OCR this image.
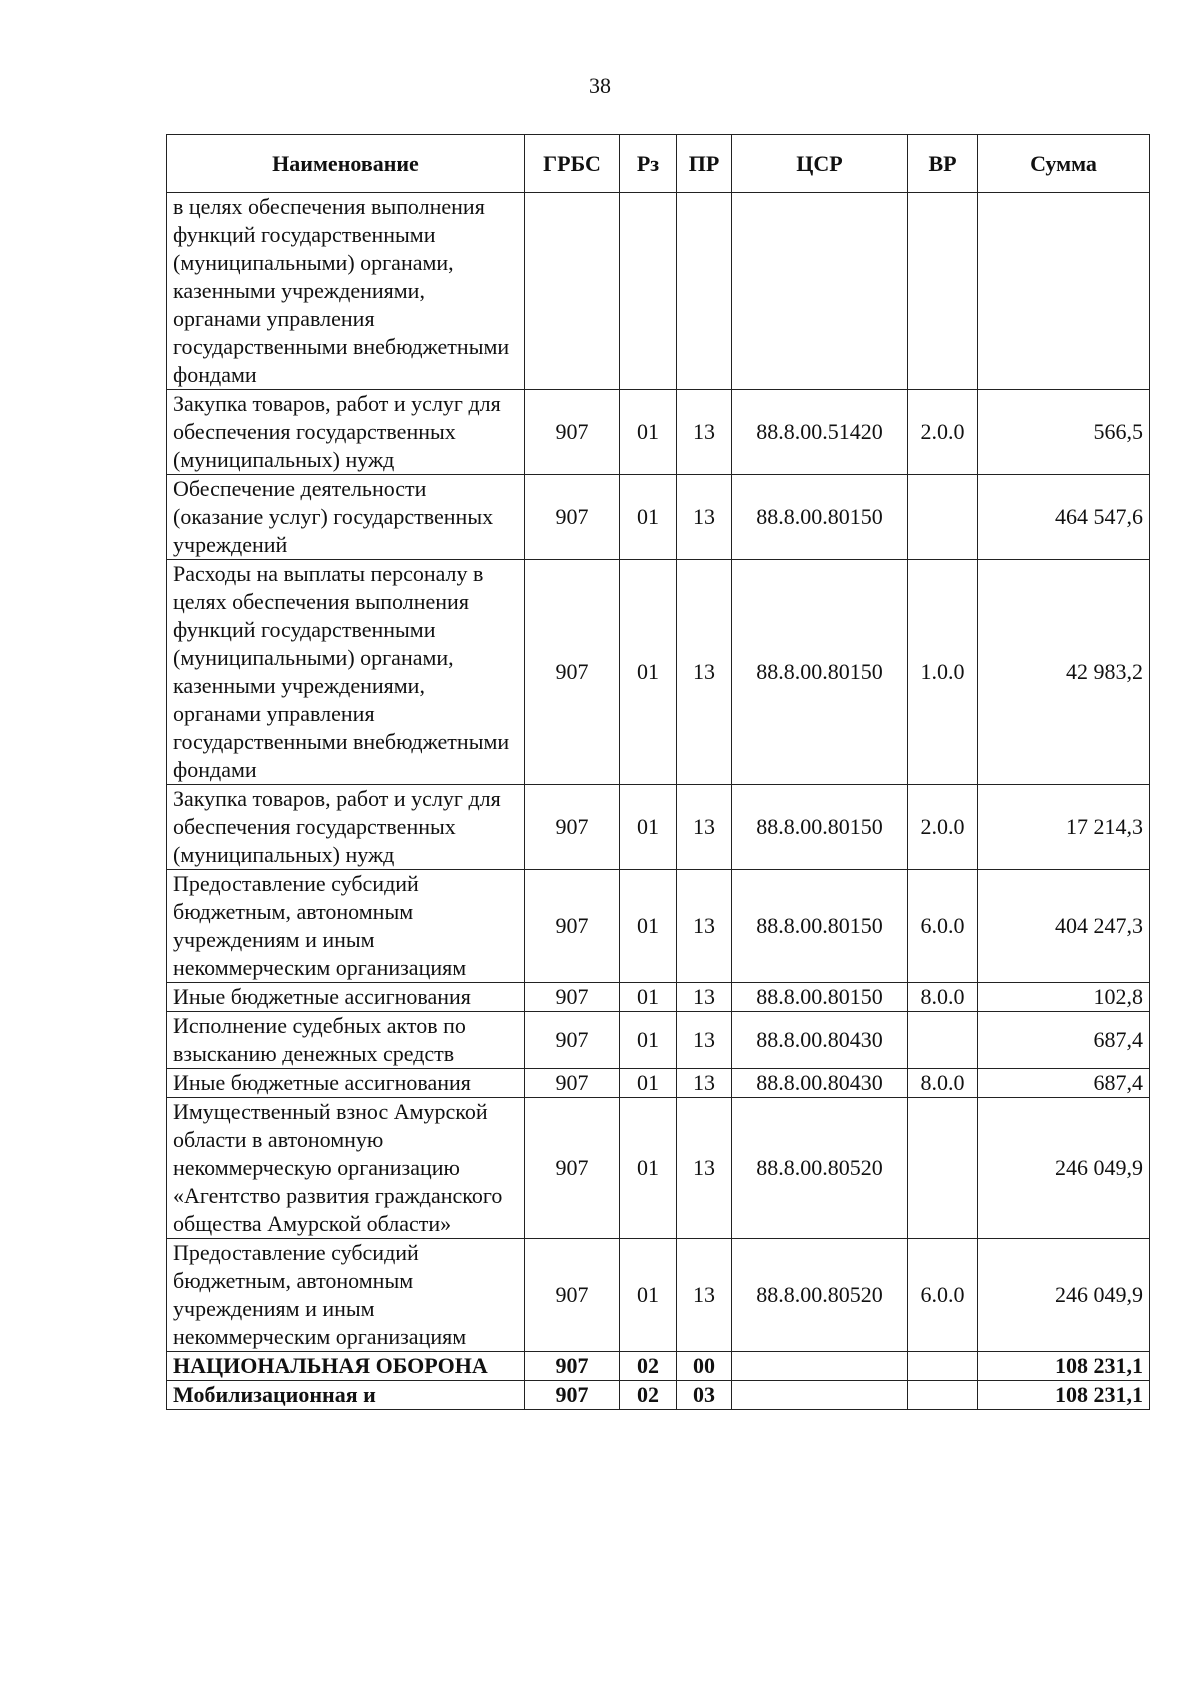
38
Наименование	ГРБС	Рз	ПР	ЦСР	ВР	Сумма
в целях обеспечения выполнения функций государственными (муниципальными) органами, казенными учреждениями, органами управления государственными внебюджетными фондами						
Закупка товаров, работ и услуг для обеспечения государственных (муниципальных) нужд	907	01	13	88.8.00.51420	2.0.0	566,5
Обеспечение деятельности (оказание услуг) государственных учреждений	907	01	13	88.8.00.80150		464 547,6
Расходы на выплаты персоналу в целях обеспечения выполнения функций государственными (муниципальными) органами, казенными учреждениями, органами управления государственными внебюджетными фондами	907	01	13	88.8.00.80150	1.0.0	42 983,2
Закупка товаров, работ и услуг для обеспечения государственных (муниципальных) нужд	907	01	13	88.8.00.80150	2.0.0	17 214,3
Предоставление субсидий бюджетным, автономным учреждениям и иным некоммерческим организациям	907	01	13	88.8.00.80150	6.0.0	404 247,3
Иные бюджетные ассигнования	907	01	13	88.8.00.80150	8.0.0	102,8
Исполнение судебных актов по взысканию денежных средств	907	01	13	88.8.00.80430		687,4
Иные бюджетные ассигнования	907	01	13	88.8.00.80430	8.0.0	687,4
Имущественный взнос Амурской области в автономную некоммерческую организацию «Агентство развития гражданского общества Амурской области»	907	01	13	88.8.00.80520		246 049,9
Предоставление субсидий бюджетным, автономным учреждениям и иным некоммерческим организациям	907	01	13	88.8.00.80520	6.0.0	246 049,9
НАЦИОНАЛЬНАЯ ОБОРОНА	907	02	00			108 231,1
Мобилизационная и	907	02	03			108 231,1
